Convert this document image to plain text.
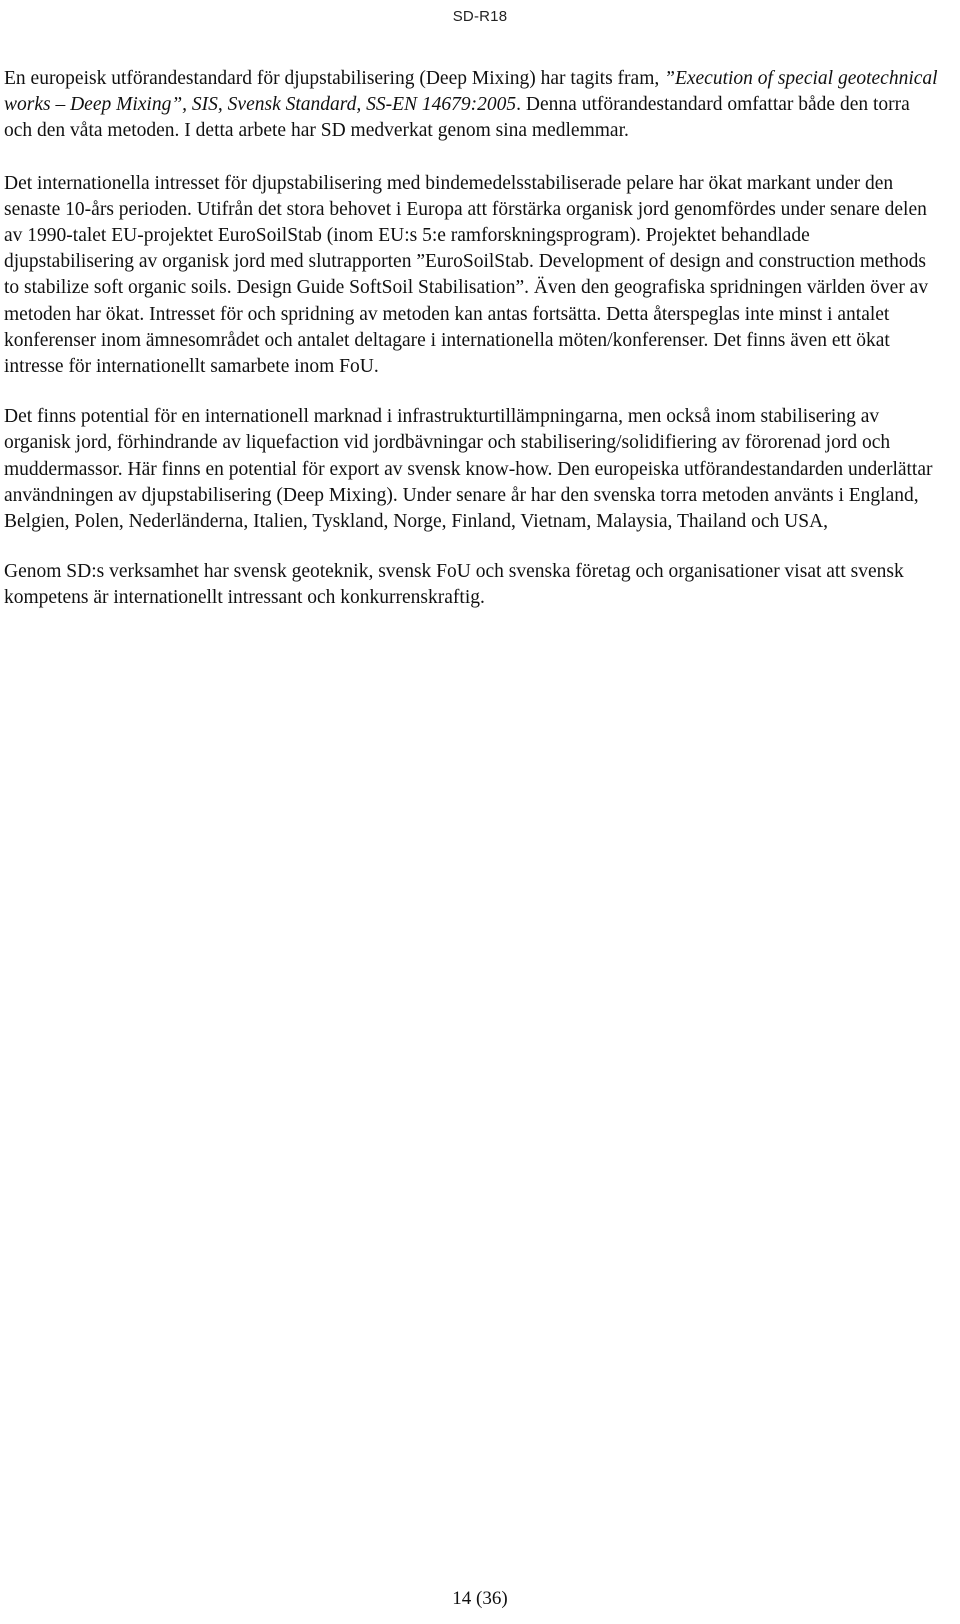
SD-R18

En europeisk utförandestandard för djupstabilisering (Deep Mixing) har tagits fram, ”Execution of special geotechnical works – Deep Mixing”, SIS, Svensk Standard, SS-EN 14679:2005. Denna utförandestandard omfattar både den torra och den våta metoden. I detta arbete har SD medverkat genom sina medlemmar.

Det internationella intresset för djupstabilisering med bindemedelsstabiliserade pelare har ökat markant under den senaste 10-års perioden. Utifrån det stora behovet i Europa att förstärka organisk jord genomfördes under senare delen av 1990-talet EU-projektet EuroSoilStab (inom EU:s 5:e ramforskningsprogram). Projektet behandlade djupstabilisering av organisk jord med slutrapporten ”EuroSoilStab. Development of design and construction methods to stabilize soft organic soils. Design Guide SoftSoil Stabilisation”. Även den geografiska spridningen världen över av metoden har ökat. Intresset för och spridning av metoden kan antas fortsätta. Detta återspeglas inte minst i antalet konferenser inom ämnesområdet och antalet deltagare i internationella möten/konferenser. Det finns även ett ökat intresse för internationellt samarbete inom FoU.

Det finns potential för en internationell marknad i infrastrukturtillämpningarna, men också inom stabilisering av organisk jord, förhindrande av liquefaction vid jordbävningar och stabilisering/solidifiering av förorenad jord och muddermassor. Här finns en potential för export av svensk know-how. Den europeiska utförandestandarden underlättar användningen av djupstabilisering (Deep Mixing). Under senare år har den svenska torra metoden använts i England, Belgien, Polen, Nederländerna, Italien, Tyskland, Norge, Finland, Vietnam, Malaysia, Thailand och USA,

Genom SD:s verksamhet har svensk geoteknik, svensk FoU och svenska företag och organisationer visat att svensk kompetens är internationellt intressant och konkurrenskraftig.

14 (36)
